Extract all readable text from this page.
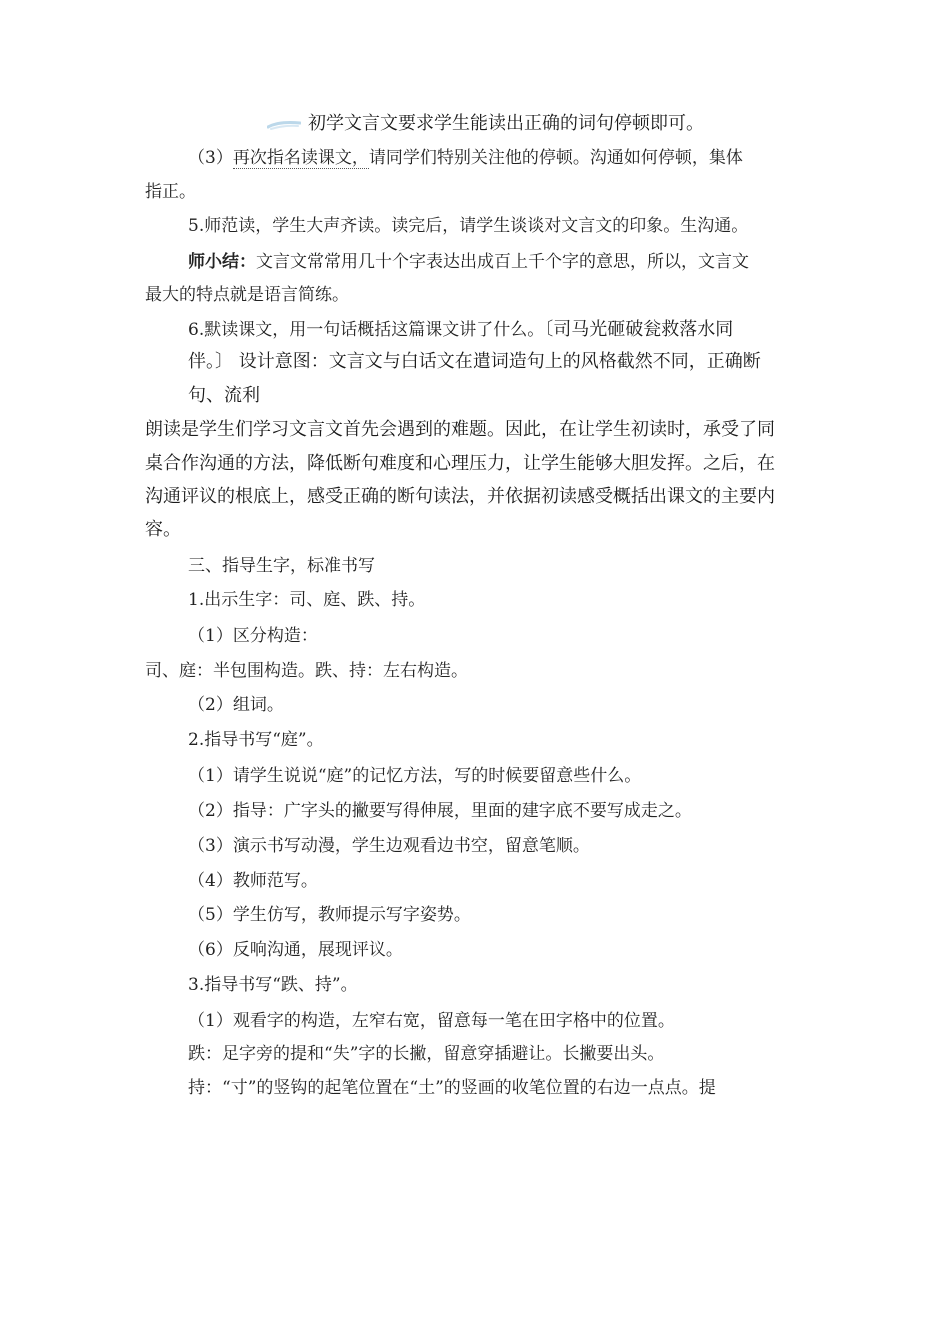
初学文言文要求学生能读出正确的词句停顿即可。
（3）再次指名读课文，请同学们特别关注他的停顿。沟通如何停顿，集体
指正。
5.师范读，学生大声齐读。读完后，请学生谈谈对文言文的印象。生沟通。
师小结：文言文常常用几十个字表达出成百上千个字的意思，所以，文言文
最大的特点就是语言简练。
6.默读课文，用一句话概括这篇课文讲了什么。〔司马光砸破瓮救落水同
伴。〕 设计意图：文言文与白话文在遣词造句上的风格截然不同，正确断
句、流利
朗读是学生们学习文言文首先会遇到的难题。因此，在让学生初读时，承受了同
桌合作沟通的方法，降低断句难度和心理压力，让学生能够大胆发挥。之后，在
沟通评议的根底上，感受正确的断句读法，并依据初读感受概括出课文的主要内
容。
三、指导生字，标准书写
1.出示生字：司、庭、跌、持。
（1）区分构造：
司、庭：半包围构造。跌、持：左右构造。
（2）组词。
2.指导书写“庭”。
（1）请学生说说“庭”的记忆方法，写的时候要留意些什么。
（2）指导：广字头的撇要写得伸展，里面的建字底不要写成走之。
（3）演示书写动漫，学生边观看边书空，留意笔顺。
（4）教师范写。
（5）学生仿写，教师提示写字姿势。
（6）反响沟通，展现评议。
3.指导书写“跌、持”。
（1）观看字的构造，左窄右宽，留意每一笔在田字格中的位置。
跌：足字旁的提和“失”字的长撇，留意穿插避让。长撇要出头。
持：“寸”的竖钩的起笔位置在“土”的竖画的收笔位置的右边一点点。提
